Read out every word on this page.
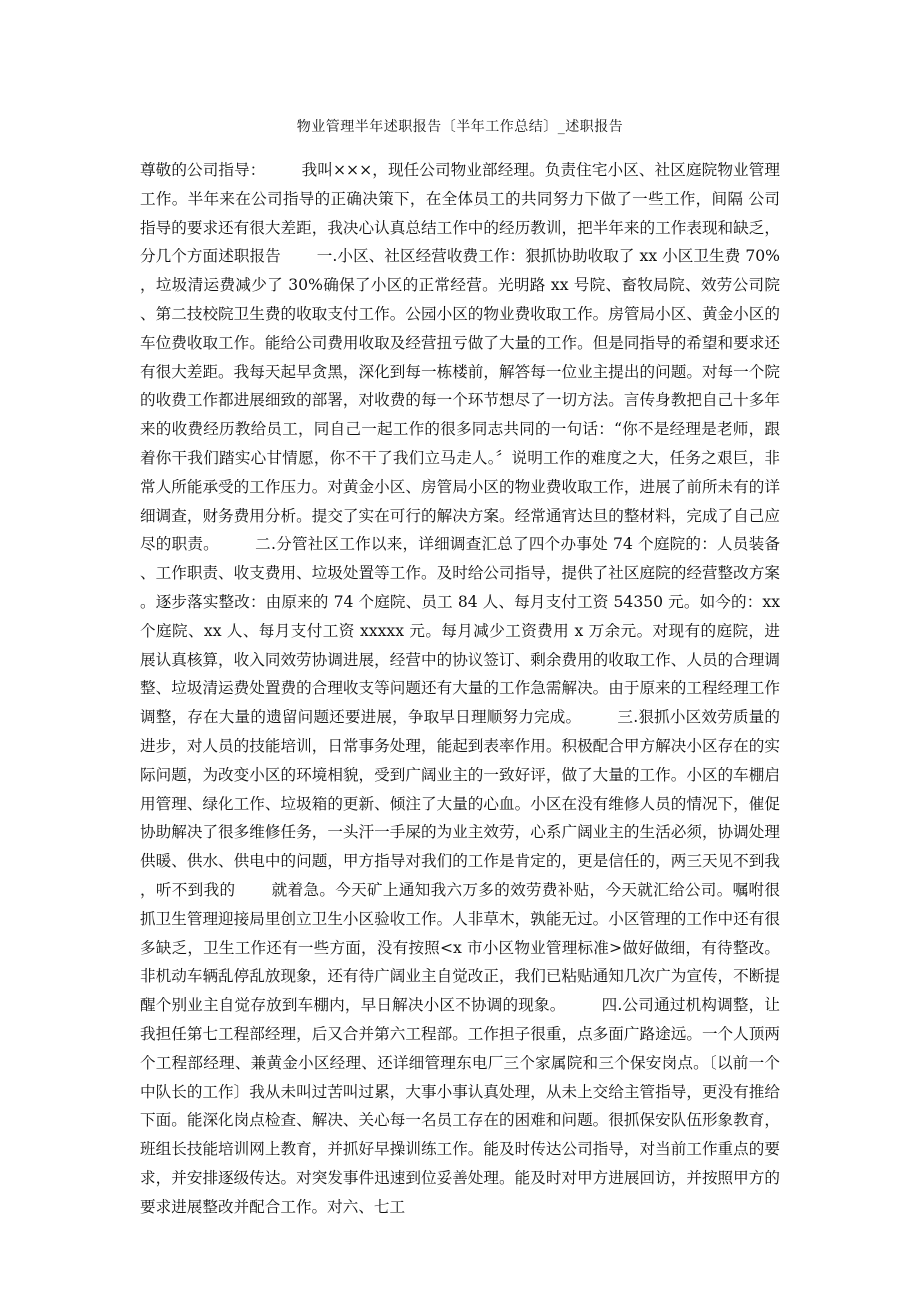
物业管理半年述职报告〔半年工作总结〕_述职报告
尊敬的公司指导： 我叫×××，现任公司物业部经理。负责住宅小区、社区庭院物业管理工作。半年来在公司指导的正确决策下，在全体员工的共同努力下做了一些工作，间隔 公司指导的要求还有很大差距，我决心认真总结工作中的经历教训，把半年来的工作表现和缺乏，分几个方面述职报告 一.小区、社区经营收费工作：狠抓协助收取了 xx 小区卫生费 70%，垃圾清运费减少了 30%确保了小区的正常经营。光明路 xx 号院、畜牧局院、效劳公司院、第二技校院卫生费的收取支付工作。公园小区的物业费收取工作。房管局小区、黄金小区的车位费收取工作。能给公司费用收取及经营扭亏做了大量的工作。但是同指导的希望和要求还有很大差距。我每天起早贪黑，深化到每一栋楼前，解答每一位业主提出的问题。对每一个院的收费工作都进展细致的部署，对收费的每一个环节想尽了一切方法。言传身教把自己十多年来的收费经历教给员工，同自己一起工作的很多同志共同的一句话：“你不是经理是老师，跟着你干我们踏实心甘情愿，你不干了我们立马走人。〞说明工作的难度之大，任务之艰巨，非常人所能承受的工作压力。对黄金小区、房管局小区的物业费收取工作，进展了前所未有的详细调查，财务费用分析。提交了实在可行的解决方案。经常通宵达旦的整材料，完成了自己应尽的职责。 二.分管社区工作以来，详细调查汇总了四个办事处 74 个庭院的：人员装备、工作职责、收支费用、垃圾处置等工作。及时给公司指导，提供了社区庭院的经营整改方案。逐步落实整改：由原来的 74 个庭院、员工 84 人、每月支付工资 54350 元。如今的：xx 个庭院、xx 人、每月支付工资 xxxxx 元。每月减少工资费用 x 万余元。对现有的庭院，进展认真核算，收入同效劳协调进展，经营中的协议签订、剩余费用的收取工作、人员的合理调整、垃圾清运费处置费的合理收支等问题还有大量的工作急需解决。由于原来的工程经理工作调整，存在大量的遗留问题还要进展，争取早日理顺努力完成。 三.狠抓小区效劳质量的进步，对人员的技能培训，日常事务处理，能起到表率作用。积极配合甲方解决小区存在的实际问题，为改变小区的环境相貌，受到广阔业主的一致好评，做了大量的工作。小区的车棚启用管理、绿化工作、垃圾箱的更新、倾注了大量的心血。小区在没有维修人员的情况下，催促协助解决了很多维修任务，一头汗一手屎的为业主效劳，心系广阔业主的生活必须，协调处理供暖、供水、供电中的问题，甲方指导对我们的工作是肯定的，更是信任的，两三天见不到我，听不到我的 就着急。今天矿上通知我六万多的效劳费补贴，今天就汇给公司。嘱咐很抓卫生管理迎接局里创立卫生小区验收工作。人非草木，孰能无过。小区管理的工作中还有很多缺乏，卫生工作还有一些方面，没有按照<x 市小区物业管理标准>做好做细，有待整改。非机动车辆乱停乱放现象，还有待广阔业主自觉改正，我们已粘贴通知几次广为宣传，不断提醒个别业主自觉存放到车棚内，早日解决小区不协调的现象。 四.公司通过机构调整，让我担任第七工程部经理，后又合并第六工程部。工作担子很重，点多面广路途远。一个人顶两个工程部经理、兼黄金小区经理、还详细管理东电厂三个家属院和三个保安岗点。〔以前一个中队长的工作〕我从未叫过苦叫过累，大事小事认真处理，从未上交给主管指导，更没有推给下面。能深化岗点检查、解决、关心每一名员工存在的困难和问题。很抓保安队伍形象教育，班组长技能培训网上教育，并抓好早操训练工作。能及时传达公司指导，对当前工作重点的要求，并安排逐级传达。对突发事件迅速到位妥善处理。能及时对甲方进展回访，并按照甲方的要求进展整改并配合工作。对六、七工
